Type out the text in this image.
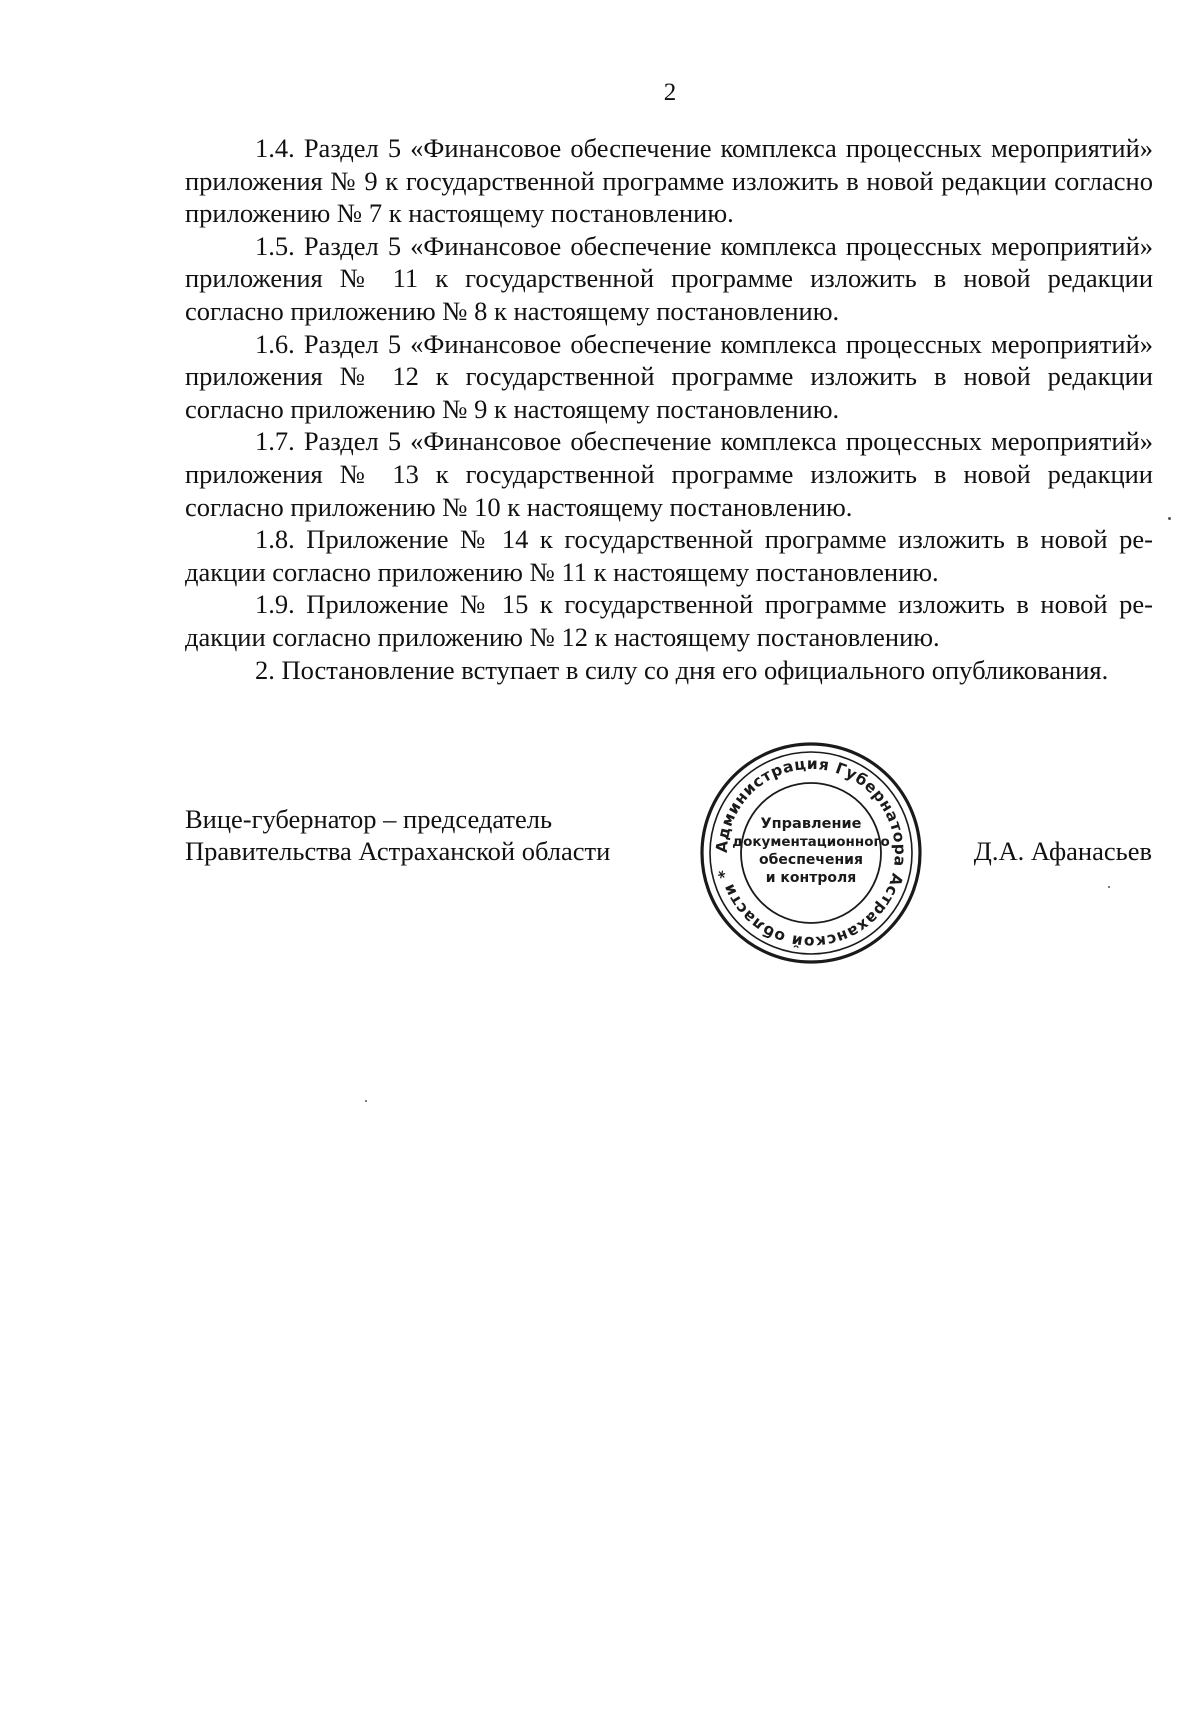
2

1.4. Раздел 5 «Финансовое обеспечение комплекса процессных мероприятий» приложения № 9 к государственной программе изложить в новой редакции согласно приложению № 7 к настоящему постановлению.

1.5. Раздел 5 «Финансовое обеспечение комплекса процессных мероприятий» приложения № 11 к государственной программе изложить в новой редакции согласно приложению № 8 к настоящему постановлению.

1.6. Раздел 5 «Финансовое обеспечение комплекса процессных мероприятий» приложения № 12 к государственной программе изложить в новой редакции согласно приложению № 9 к настоящему постановлению.

1.7. Раздел 5 «Финансовое обеспечение комплекса процессных мероприятий» приложения № 13 к государственной программе изложить в новой редакции согласно приложению № 10 к настоящему постановлению.

1.8. Приложение № 14 к государственной программе изложить в новой редакции согласно приложению № 11 к настоящему постановлению.

1.9. Приложение № 15 к государственной программе изложить в новой редакции согласно приложению № 12 к настоящему постановлению.

2. Постановление вступает в силу со дня его официального опубликования.

Вице-губернатор – председатель
Правительства Астраханской области	Администрация Губернатора Астраханской области *
Управление
документационного
обеспечения
и контроля
Д.А. Афанасьев
